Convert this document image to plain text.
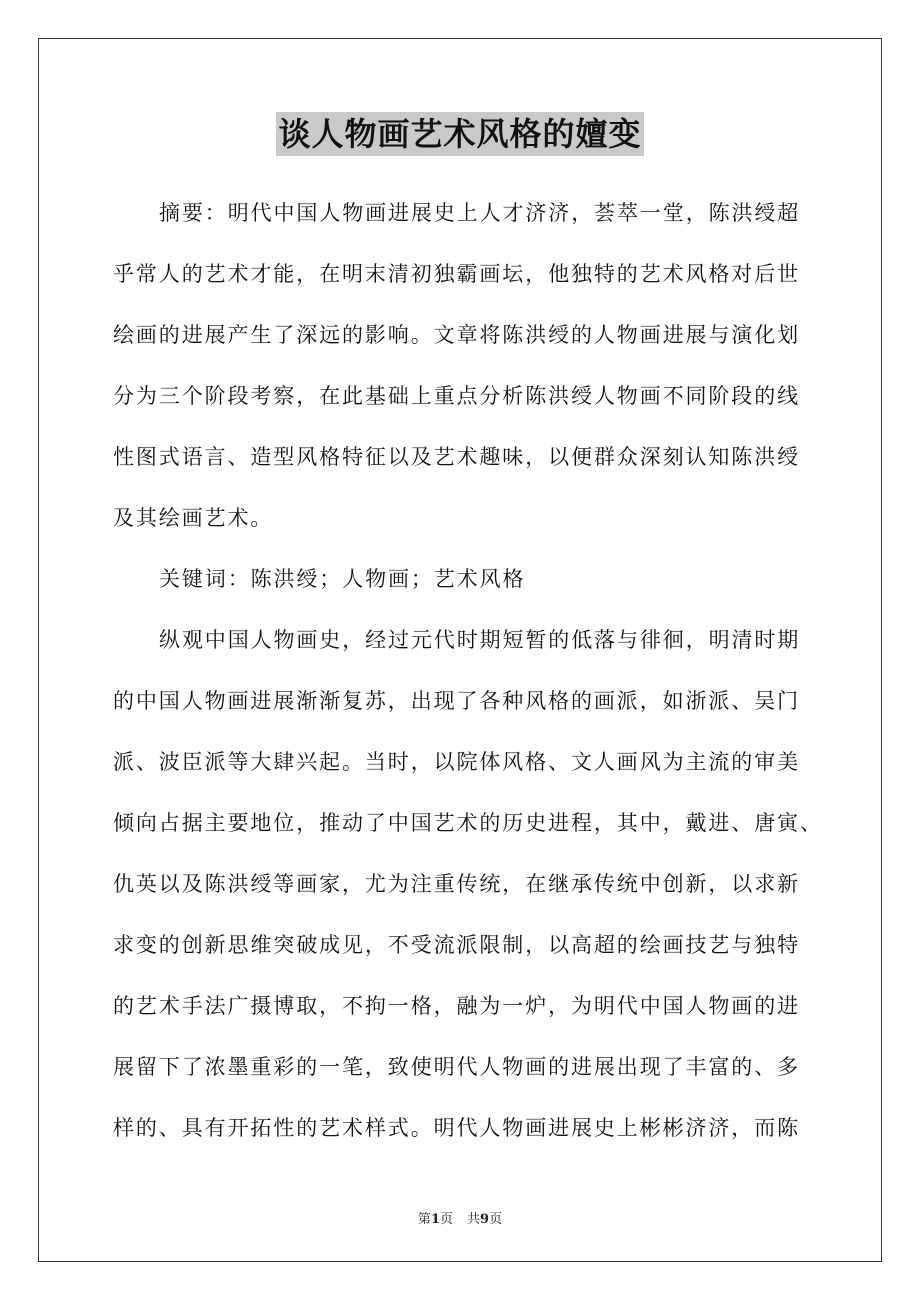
谈人物画艺术风格的嬗变
摘要：明代中国人物画进展史上人才济济，荟萃一堂，陈洪绶超
乎常人的艺术才能，在明末清初独霸画坛，他独特的艺术风格对后世
绘画的进展产生了深远的影响。文章将陈洪绶的人物画进展与演化划
分为三个阶段考察，在此基础上重点分析陈洪绶人物画不同阶段的线
性图式语言、造型风格特征以及艺术趣味，以便群众深刻认知陈洪绶
及其绘画艺术。
关键词：陈洪绶；人物画；艺术风格
纵观中国人物画史，经过元代时期短暂的低落与徘徊，明清时期
的中国人物画进展渐渐复苏，出现了各种风格的画派，如浙派、吴门
派、波臣派等大肆兴起。当时，以院体风格、文人画风为主流的审美
倾向占据主要地位，推动了中国艺术的历史进程，其中，戴进、唐寅、
仇英以及陈洪绶等画家，尤为注重传统，在继承传统中创新，以求新
求变的创新思维突破成见，不受流派限制，以高超的绘画技艺与独特
的艺术手法广摄博取，不拘一格，融为一炉，为明代中国人物画的进
展留下了浓墨重彩的一笔，致使明代人物画的进展出现了丰富的、多
样的、具有开拓性的艺术样式。明代人物画进展史上彬彬济济，而陈
第1页 共9页
